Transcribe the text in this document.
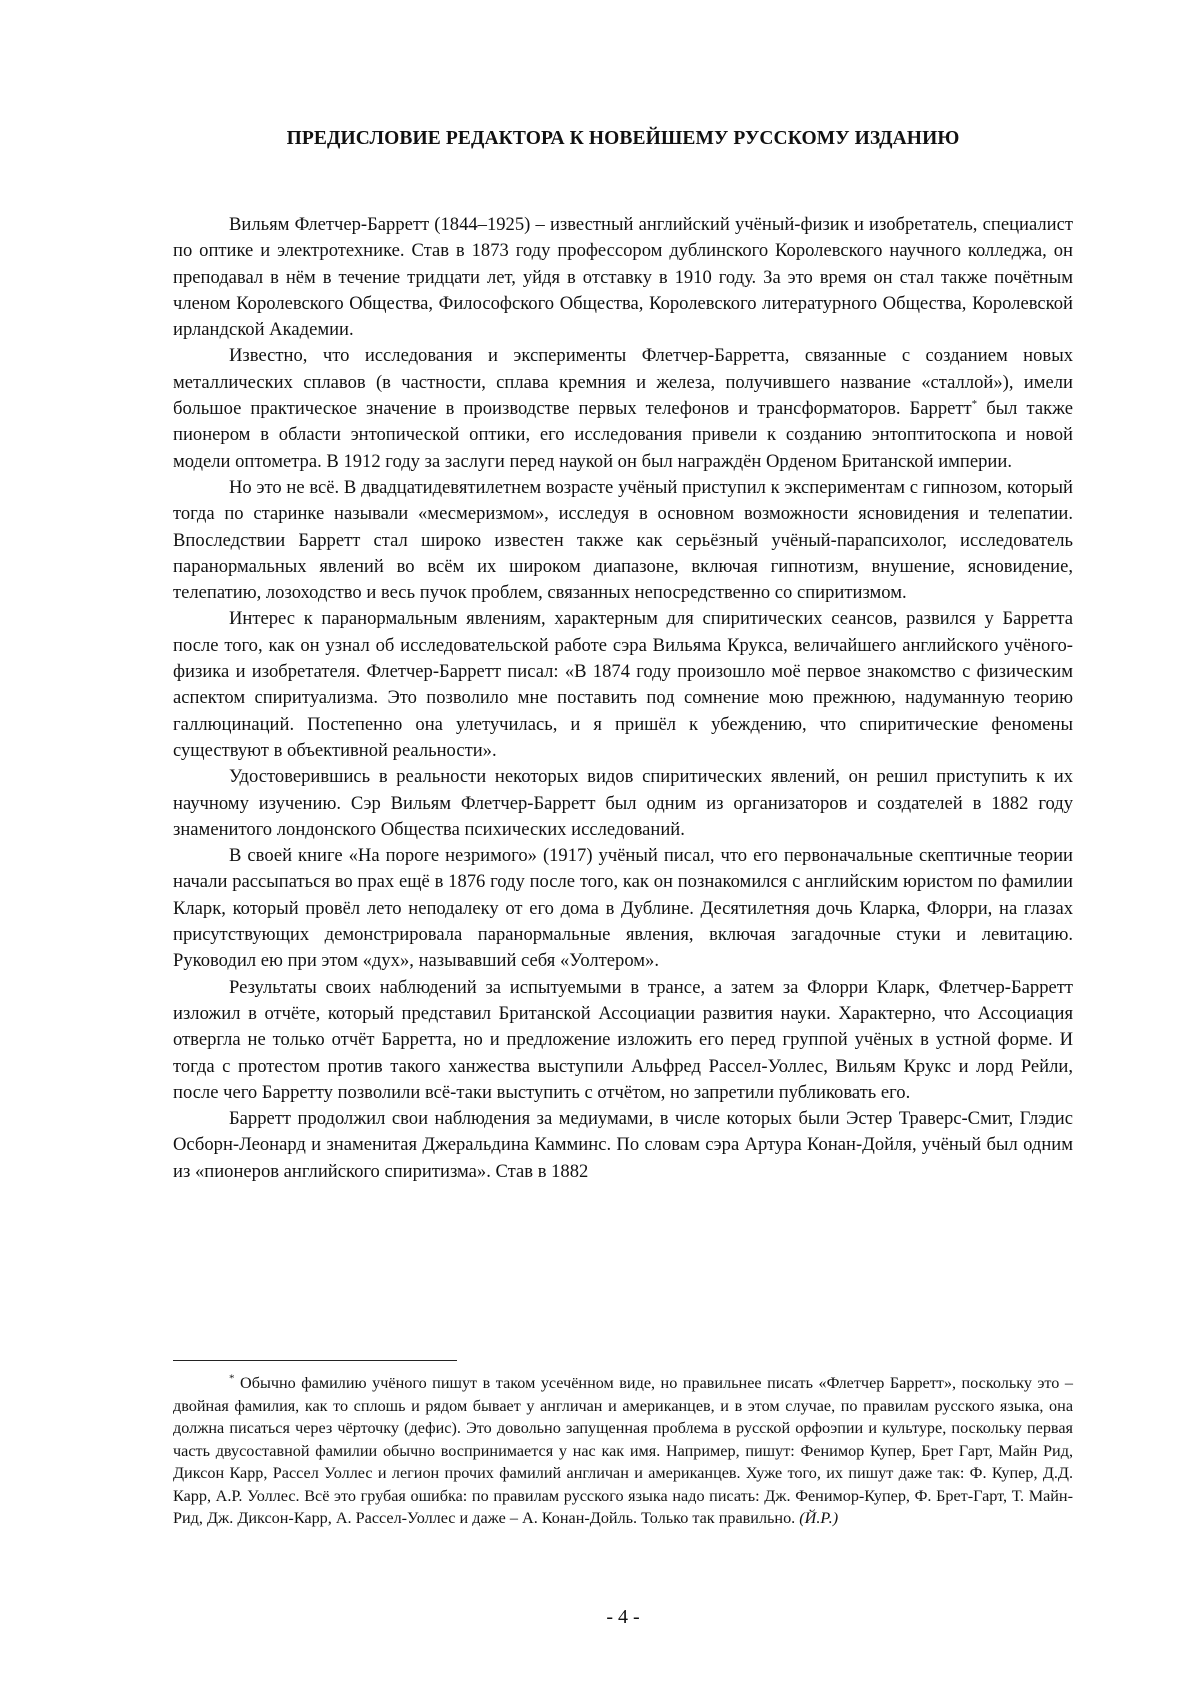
ПРЕДИСЛОВИЕ РЕДАКТОРА К НОВЕЙШЕМУ РУССКОМУ ИЗДАНИЮ

Вильям Флетчер-Барретт (1844–1925) – известный английский учёный-физик и изобретатель, специалист по оптике и электротехнике. Став в 1873 году профессором дублинского Королевского научного колледжа, он преподавал в нём в течение тридцати лет, уйдя в отставку в 1910 году. За это время он стал также почётным членом Королевского Общества, Философского Общества, Королевского литературного Общества, Королевской ирландской Академии.

Известно, что исследования и эксперименты Флетчер-Барретта, связанные с созданием новых металлических сплавов (в частности, сплава кремния и железа, получившего название «сталлой»), имели большое практическое значение в производстве первых телефонов и трансформаторов. Барретт* был также пионером в области энтопической оптики, его исследования привели к созданию энтоптитоскопа и новой модели оптометра. В 1912 году за заслуги перед наукой он был награждён Орденом Британской империи.

Но это не всё. В двадцатидевятилетнем возрасте учёный приступил к экспериментам с гипнозом, который тогда по старинке называли «месмеризмом», исследуя в основном возможности ясновидения и телепатии. Впоследствии Барретт стал широко известен также как серьёзный учёный-парапсихолог, исследователь паранормальных явлений во всём их широком диапазоне, включая гипнотизм, внушение, ясновидение, телепатию, лозоходство и весь пучок проблем, связанных непосредственно со спиритизмом.

Интерес к паранормальным явлениям, характерным для спиритических сеансов, развился у Барретта после того, как он узнал об исследовательской работе сэра Вильяма Крукса, величайшего английского учёного-физика и изобретателя. Флетчер-Барретт писал: «В 1874 году произошло моё первое знакомство с физическим аспектом спиритуализма. Это позволило мне поставить под сомнение мою прежнюю, надуманную теорию галлюцинаций. Постепенно она улетучилась, и я пришёл к убеждению, что спиритические феномены существуют в объективной реальности».

Удостоверившись в реальности некоторых видов спиритических явлений, он решил приступить к их научному изучению. Сэр Вильям Флетчер-Барретт был одним из организаторов и создателей в 1882 году знаменитого лондонского Общества психических исследований.

В своей книге «На пороге незримого» (1917) учёный писал, что его первоначальные скептичные теории начали рассыпаться во прах ещё в 1876 году после того, как он познакомился с английским юристом по фамилии Кларк, который провёл лето неподалеку от его дома в Дублине. Десятилетняя дочь Кларка, Флорри, на глазах присутствующих демонстрировала паранормальные явления, включая загадочные стуки и левитацию. Руководил ею при этом «дух», называвший себя «Уолтером».

Результаты своих наблюдений за испытуемыми в трансе, а затем за Флорри Кларк, Флетчер-Барретт изложил в отчёте, который представил Британской Ассоциации развития науки. Характерно, что Ассоциация отвергла не только отчёт Барретта, но и предложение изложить его перед группой учёных в устной форме. И тогда с протестом против такого ханжества выступили Альфред Рассел-Уоллес, Вильям Крукс и лорд Рейли, после чего Барретту позволили всё-таки выступить с отчётом, но запретили публиковать его.

Барретт продолжил свои наблюдения за медиумами, в числе которых были Эстер Траверс-Смит, Глэдис Осборн-Леонард и знаменитая Джеральдина Камминс. По словам сэра Артура Конан-Дойля, учёный был одним из «пионеров английского спиритизма». Став в 1882

* Обычно фамилию учёного пишут в таком усечённом виде, но правильнее писать «Флетчер Барретт», поскольку это – двойная фамилия, как то сплошь и рядом бывает у англичан и американцев, и в этом случае, по правилам русского языка, она должна писаться через чёрточку (дефис). Это довольно запущенная проблема в русской орфоэпии и культуре, поскольку первая часть двусоставной фамилии обычно воспринимается у нас как имя. Например, пишут: Фенимор Купер, Брет Гарт, Майн Рид, Диксон Карр, Рассел Уоллес и легион прочих фамилий англичан и американцев. Хуже того, их пишут даже так: Ф. Купер, Д.Д. Карр, А.Р. Уоллес. Всё это грубая ошибка: по правилам русского языка надо писать: Дж. Фенимор-Купер, Ф. Брет-Гарт, Т. Майн-Рид, Дж. Диксон-Карр, А. Рассел-Уоллес и даже – А. Конан-Дойль. Только так правильно. (Й.Р.)

- 4 -
